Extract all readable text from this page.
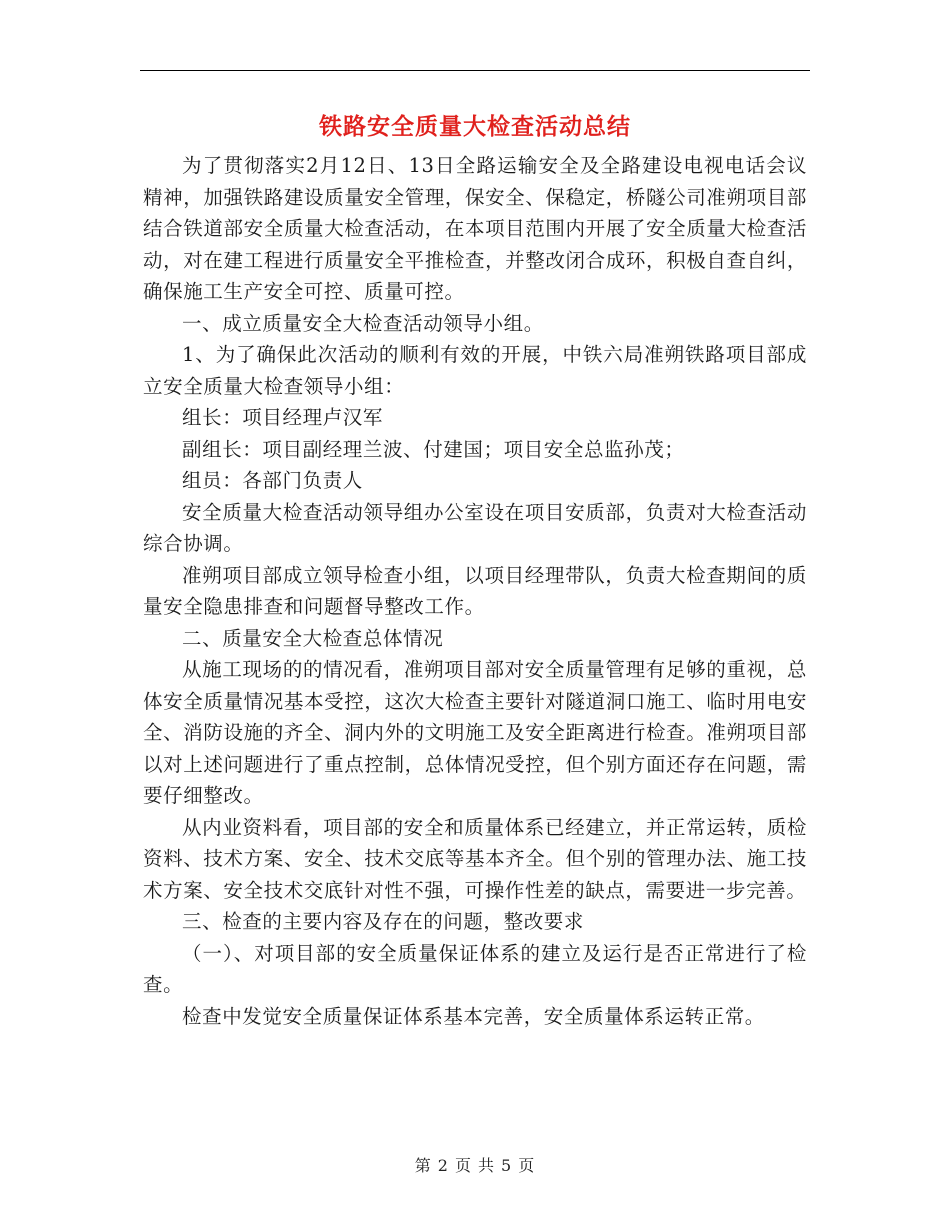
铁路安全质量大检查活动总结

为了贯彻落实2月12日、13日全路运输安全及全路建设电视电话会议精神，加强铁路建设质量安全管理，保安全、保稳定，桥隧公司准朔项目部结合铁道部安全质量大检查活动，在本项目范围内开展了安全质量大检查活动，对在建工程进行质量安全平推检查，并整改闭合成环，积极自查自纠，确保施工生产安全可控、质量可控。

一、成立质量安全大检查活动领导小组。

1、为了确保此次活动的顺利有效的开展，中铁六局准朔铁路项目部成立安全质量大检查领导小组：

组长：项目经理卢汉军

副组长：项目副经理兰波、付建国；项目安全总监孙茂；

组员：各部门负责人

安全质量大检查活动领导组办公室设在项目安质部，负责对大检查活动综合协调。

准朔项目部成立领导检查小组，以项目经理带队，负责大检查期间的质量安全隐患排查和问题督导整改工作。

二、质量安全大检查总体情况

从施工现场的的情况看，准朔项目部对安全质量管理有足够的重视，总体安全质量情况基本受控，这次大检查主要针对隧道洞口施工、临时用电安全、消防设施的齐全、洞内外的文明施工及安全距离进行检查。准朔项目部以对上述问题进行了重点控制，总体情况受控，但个别方面还存在问题，需要仔细整改。

从内业资料看，项目部的安全和质量体系已经建立，并正常运转，质检资料、技术方案、安全、技术交底等基本齐全。但个别的管理办法、施工技术方案、安全技术交底针对性不强，可操作性差的缺点，需要进一步完善。

三、检查的主要内容及存在的问题，整改要求

（一）、对项目部的安全质量保证体系的建立及运行是否正常进行了检查。

检查中发觉安全质量保证体系基本完善，安全质量体系运转正常。

第 2 页 共 5 页
